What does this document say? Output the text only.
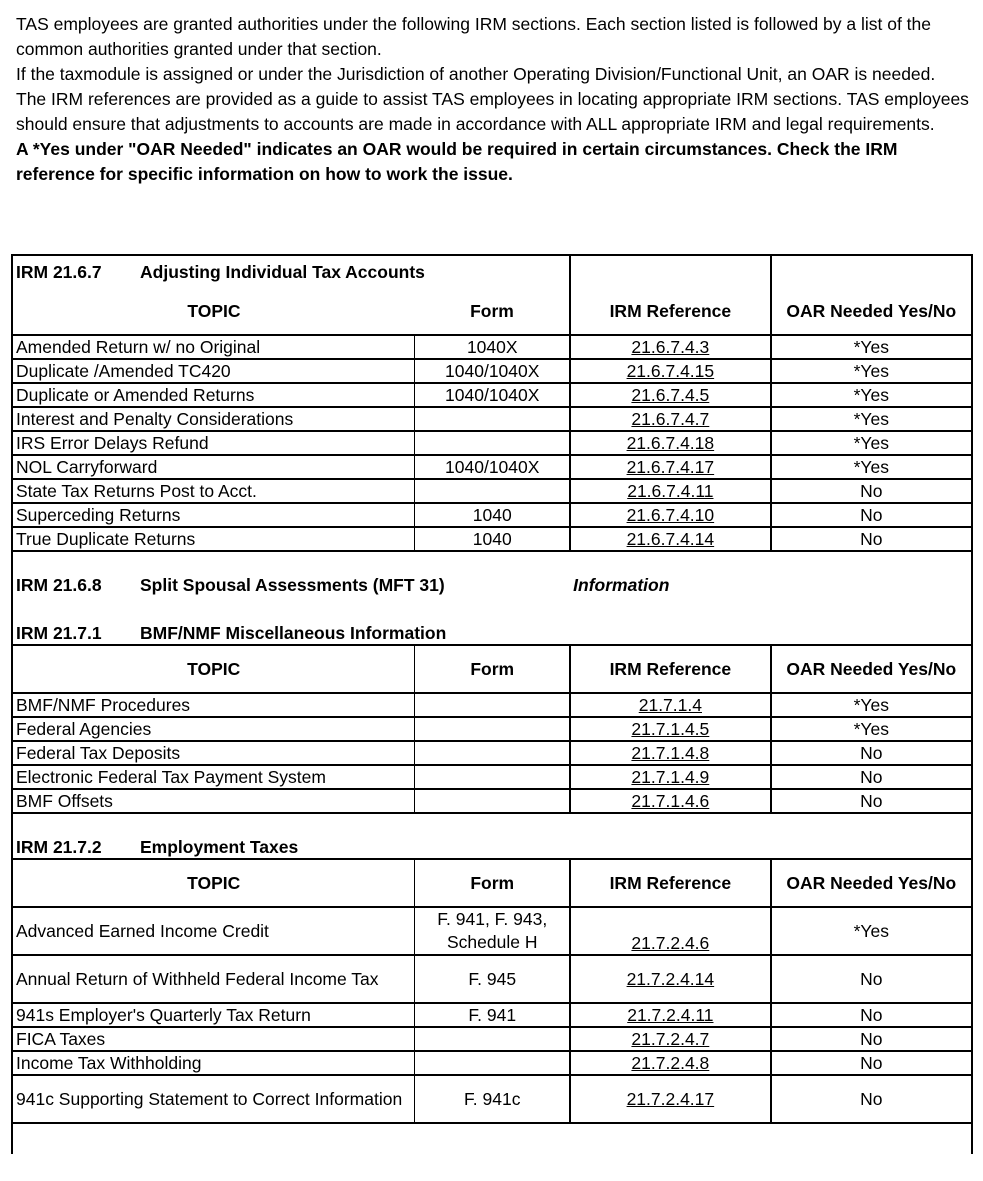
TAS employees are granted authorities under the following IRM sections. Each section listed is followed by a list of the common authorities granted under that section.

If the taxmodule is assigned or under the Jurisdiction of another Operating Division/Functional Unit, an OAR is needed.

The IRM references are provided as a guide to assist TAS employees in locating appropriate IRM sections. TAS employees should ensure that adjustments to accounts are made in accordance with ALL appropriate IRM and legal requirements.

A *Yes under "OAR Needed" indicates an OAR would be required in certain circumstances. Check the IRM reference for specific information on how to work the issue.

IRM 21.6.7 Adjusting Individual Tax Accounts			
TOPIC	Form	IRM Reference	OAR Needed Yes/No
Amended Return w/ no Original	1040X	21.6.7.4.3	*Yes
Duplicate /Amended TC420	1040/1040X	21.6.7.4.15	*Yes
Duplicate or Amended Returns	1040/1040X	21.6.7.4.5	*Yes
Interest and Penalty Considerations		21.6.7.4.7	*Yes
IRS Error Delays Refund		21.6.7.4.18	*Yes
NOL Carryforward	1040/1040X	21.6.7.4.17	*Yes
State Tax Returns Post to Acct.		21.6.7.4.11	No
Superceding Returns	1040	21.6.7.4.10	No
True Duplicate Returns	1040	21.6.7.4.14	No

IRM 21.6.8 Split Spousal Assessments (MFT 31)		Information	

IRM 21.7.1 BMF/NMF Miscellaneous Information			
TOPIC	Form	IRM Reference	OAR Needed Yes/No
BMF/NMF Procedures		21.7.1.4	*Yes
Federal Agencies		21.7.1.4.5	*Yes
Federal Tax Deposits		21.7.1.4.8	No
Electronic Federal Tax Payment System		21.7.1.4.9	No
BMF Offsets		21.7.1.4.6	No

IRM 21.7.2 Employment Taxes			
TOPIC	Form	IRM Reference	OAR Needed Yes/No
Advanced Earned Income Credit	F. 941, F. 943, Schedule H	21.7.2.4.6	*Yes
Annual Return of Withheld Federal Income Tax	F. 945	21.7.2.4.14	No
941s Employer's Quarterly Tax Return	F. 941	21.7.2.4.11	No
FICA Taxes		21.7.2.4.7	No
Income Tax Withholding		21.7.2.4.8	No
941c Supporting Statement to Correct Information	F. 941c	21.7.2.4.17	No
